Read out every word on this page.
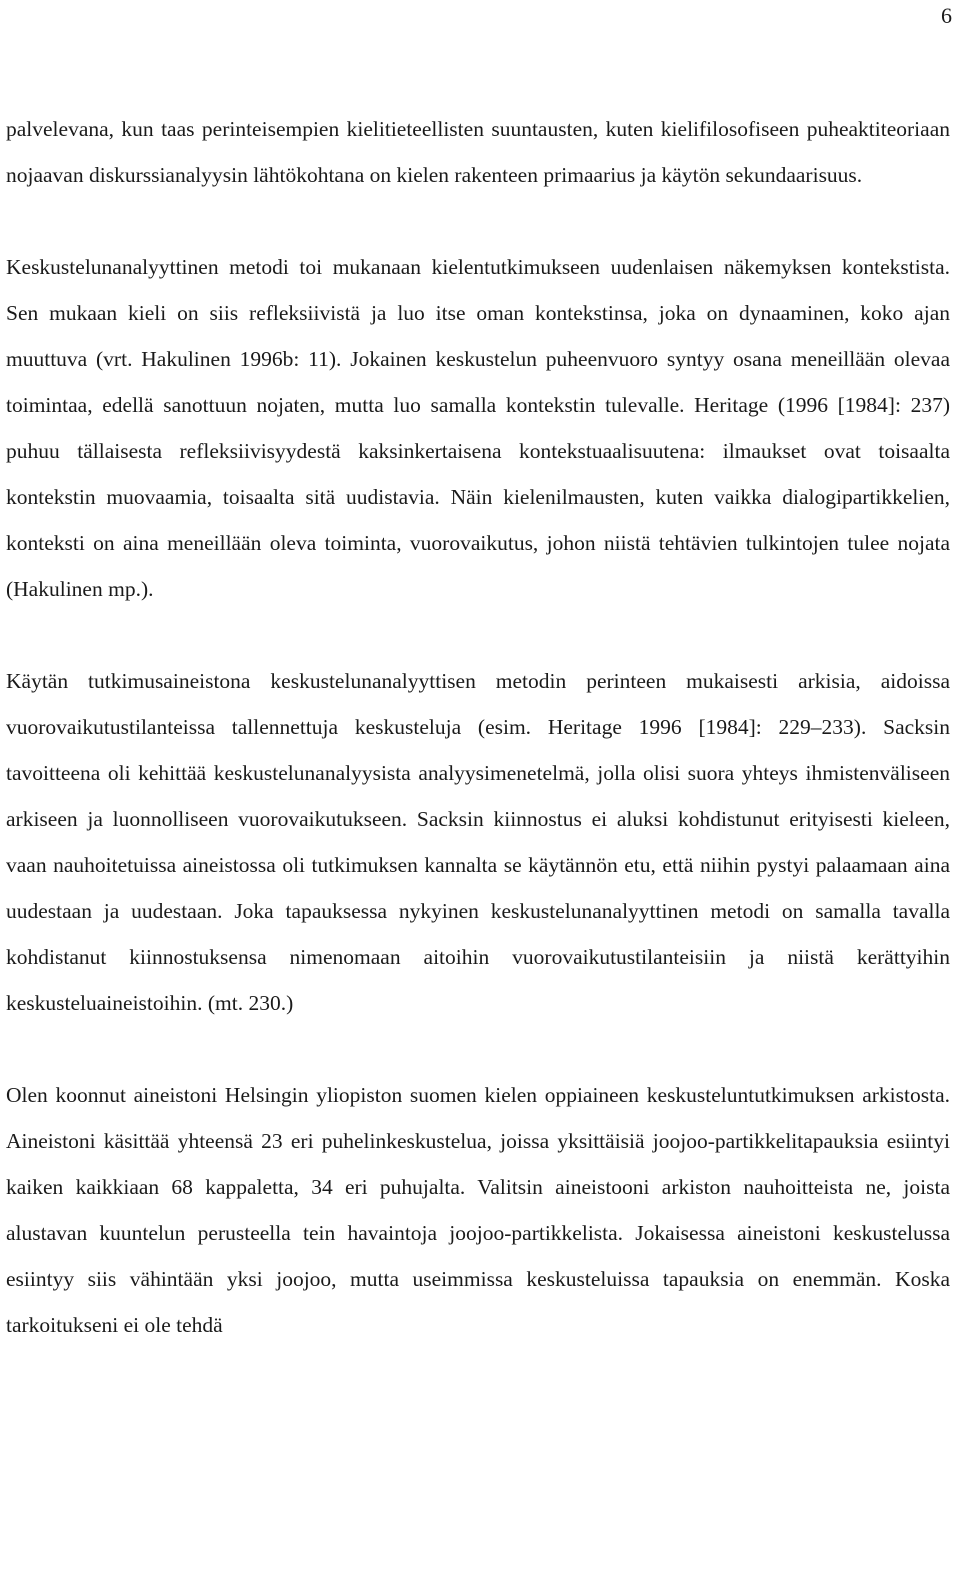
6

palvelevana, kun taas perinteisempien kielitieteellisten suuntausten, kuten kielifilosofiseen puheaktiteoriaan nojaavan diskurssianalyysin lähtökohtana on kielen rakenteen primaarius ja käytön sekundaarisuus.

Keskustelunanalyyttinen metodi toi mukanaan kielentutkimukseen uudenlaisen näkemyksen kontekstista. Sen mukaan kieli on siis refleksiivistä ja luo itse oman kontekstinsa, joka on dynaaminen, koko ajan muuttuva (vrt. Hakulinen 1996b: 11). Jokainen keskustelun puheenvuoro syntyy osana meneillään olevaa toimintaa, edellä sanottuun nojaten, mutta luo samalla kontekstin tulevalle. Heritage (1996 [1984]: 237) puhuu tällaisesta refleksiivisyydestä kaksinkertaisena kontekstuaalisuutena: ilmaukset ovat toisaalta kontekstin muovaamia, toisaalta sitä uudistavia. Näin kielenilmausten, kuten vaikka dialogipartikkelien, konteksti on aina meneillään oleva toiminta, vuorovaikutus, johon niistä tehtävien tulkintojen tulee nojata (Hakulinen mp.).

Käytän tutkimusaineistona keskustelunanalyyttisen metodin perinteen mukaisesti arkisia, aidoissa vuorovaikutustilanteissa tallennettuja keskusteluja (esim. Heritage 1996 [1984]: 229–233). Sacksin tavoitteena oli kehittää keskustelunanalyysista analyysimenetelmä, jolla olisi suora yhteys ihmistenväliseen arkiseen ja luonnolliseen vuorovaikutukseen. Sacksin kiinnostus ei aluksi kohdistunut erityisesti kieleen, vaan nauhoitetuissa aineistossa oli tutkimuksen kannalta se käytännön etu, että niihin pystyi palaamaan aina uudestaan ja uudestaan. Joka tapauksessa nykyinen keskustelunanalyyttinen metodi on samalla tavalla kohdistanut kiinnostuksensa nimenomaan aitoihin vuorovaikutustilanteisiin ja niistä kerättyihin keskusteluaineistoihin. (mt. 230.)

Olen koonnut aineistoni Helsingin yliopiston suomen kielen oppiaineen keskusteluntutkimuksen arkistosta. Aineistoni käsittää yhteensä 23 eri puhelinkeskustelua, joissa yksittäisiä joojoo-partikkelitapauksia esiintyi kaiken kaikkiaan 68 kappaletta, 34 eri puhujalta. Valitsin aineistooni arkiston nauhoitteista ne, joista alustavan kuuntelun perusteella tein havaintoja joojoo-partikkelista. Jokaisessa aineistoni keskustelussa esiintyy siis vähintään yksi joojoo, mutta useimmissa keskusteluissa tapauksia on enemmän. Koska tarkoitukseni ei ole tehdä
